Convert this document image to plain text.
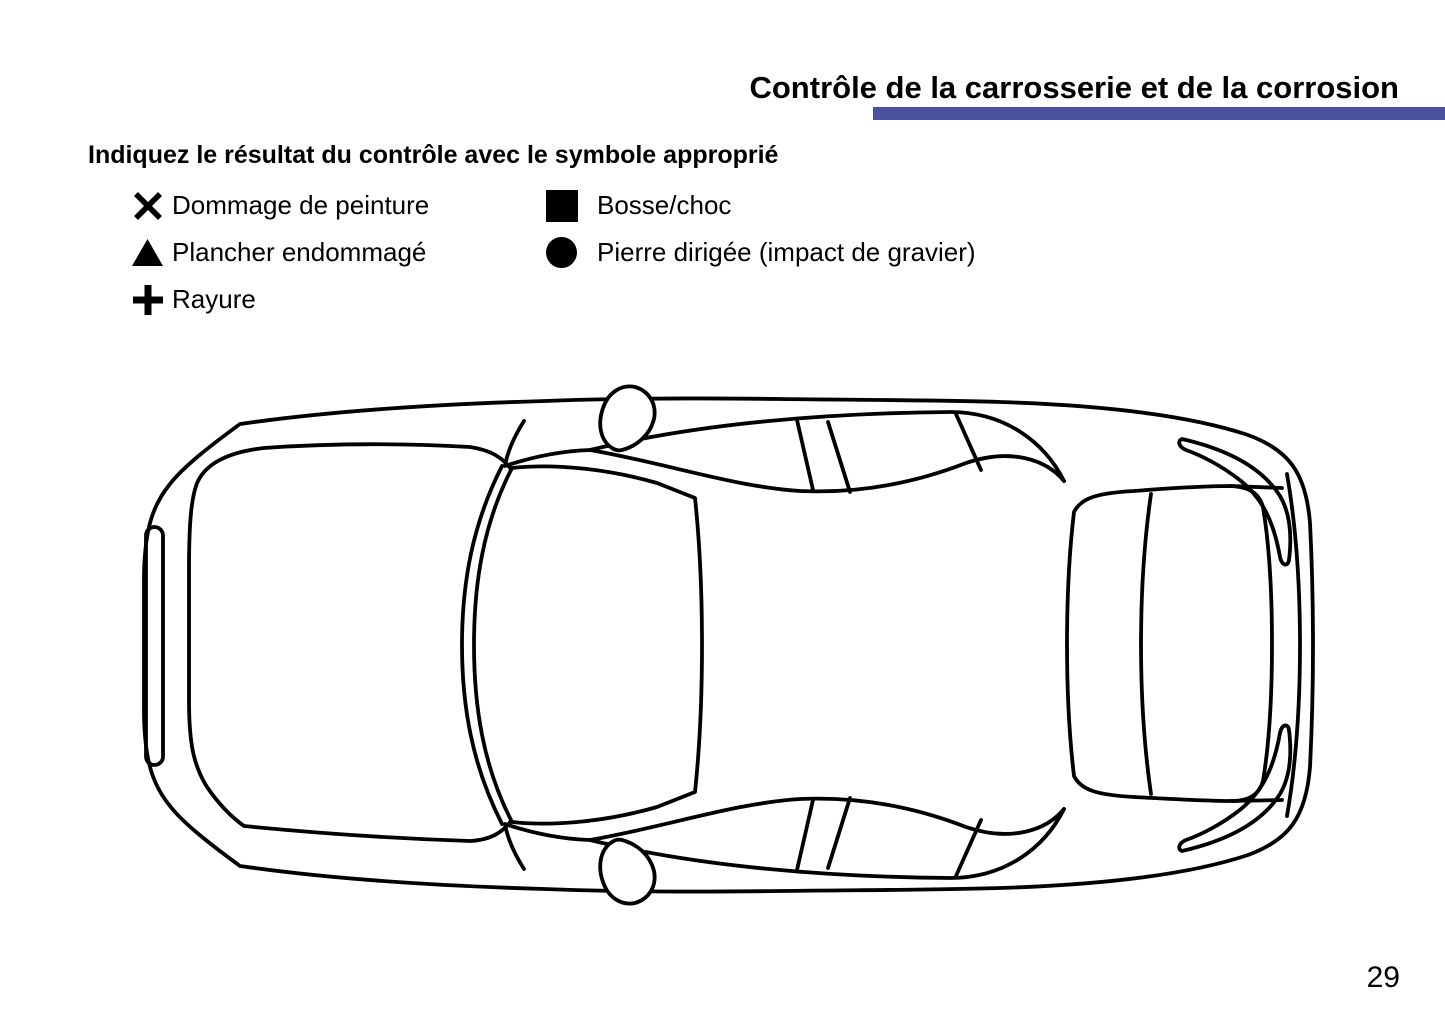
Contrôle de la carrosserie et de la corrosion
Indiquez le résultat du contrôle avec le symbole approprié
Dommage de peinture
Plancher endommagé
Rayure
Bosse/choc
Pierre dirigée (impact de gravier)
29
